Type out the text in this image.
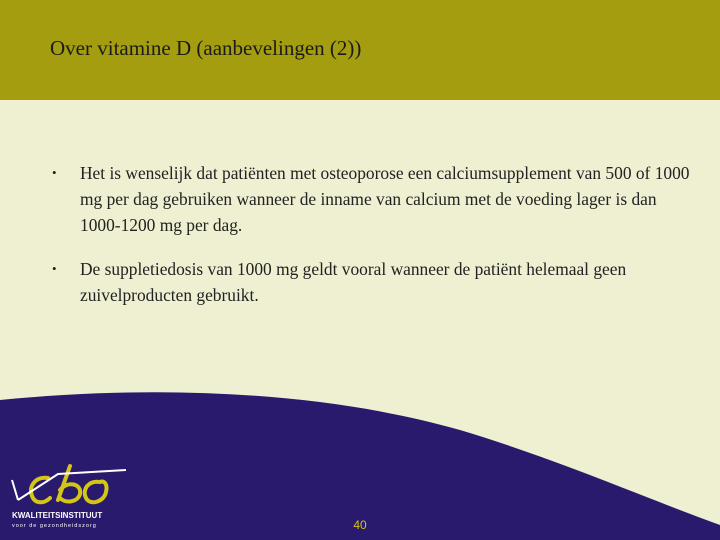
Over vitamine D (aanbevelingen (2))
• Het is wenselijk dat patiënten met osteoporose een calciumsupplement van 500 of 1000 mg per dag gebruiken wanneer de inname van calcium met de voeding lager is dan 1000-1200 mg per dag.
• De suppletiedosis van 1000 mg geldt vooral wanneer de patiënt helemaal geen zuivelproducten gebruikt.
KWALITEITSINSTITUUT
voor de gezondheidszorg	40
